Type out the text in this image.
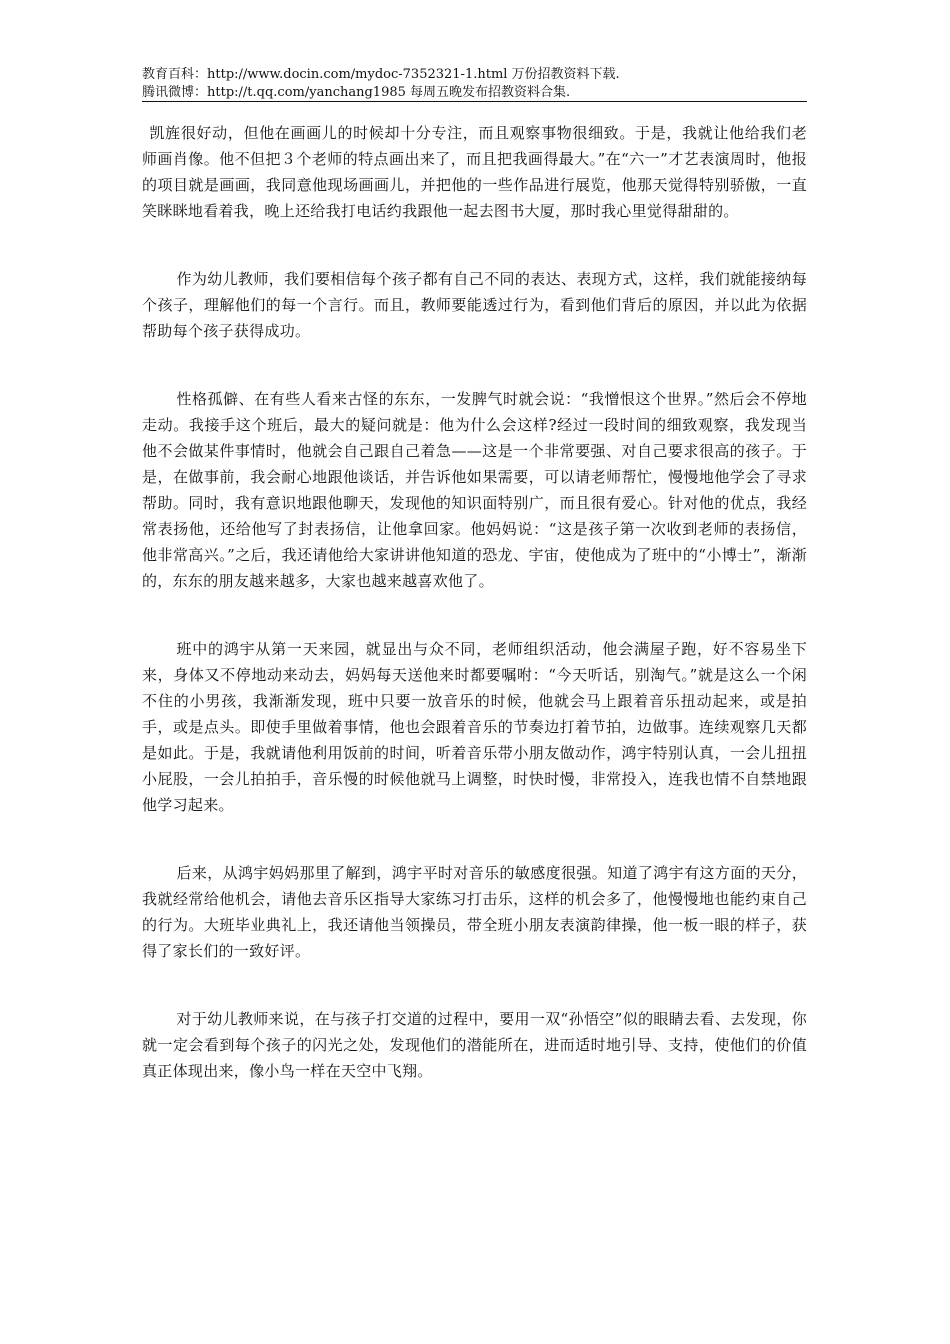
教育百科：http://www.docin.com/mydoc-7352321-1.html 万份招教资料下载.
腾讯微博：http://t.qq.com/yanchang1985 每周五晚发布招教资料合集.

凯旌很好动，但他在画画儿的时候却十分专注，而且观察事物很细致。于是，我就让他给我们老师画肖像。他不但把３个老师的特点画出来了，而且把我画得最大。”在“六一”才艺表演周时，他报的项目就是画画，我同意他现场画画儿，并把他的一些作品进行展览，他那天觉得特别骄傲，一直笑眯眯地看着我，晚上还给我打电话约我跟他一起去图书大厦，那时我心里觉得甜甜的。

作为幼儿教师，我们要相信每个孩子都有自己不同的表达、表现方式，这样，我们就能接纳每个孩子，理解他们的每一个言行。而且，教师要能透过行为，看到他们背后的原因，并以此为依据帮助每个孩子获得成功。

性格孤僻、在有些人看来古怪的东东，一发脾气时就会说：“我憎恨这个世界。”然后会不停地走动。我接手这个班后，最大的疑问就是：他为什么会这样?经过一段时间的细致观察，我发现当他不会做某件事情时，他就会自己跟自己着急——这是一个非常要强、对自己要求很高的孩子。于是，在做事前，我会耐心地跟他谈话，并告诉他如果需要，可以请老师帮忙，慢慢地他学会了寻求帮助。同时，我有意识地跟他聊天，发现他的知识面特别广，而且很有爱心。针对他的优点，我经常表扬他，还给他写了封表扬信，让他拿回家。他妈妈说：“这是孩子第一次收到老师的表扬信，他非常高兴。”之后，我还请他给大家讲讲他知道的恐龙、宇宙，使他成为了班中的“小博士”，渐渐的，东东的朋友越来越多，大家也越来越喜欢他了。

班中的鸿宇从第一天来园，就显出与众不同，老师组织活动，他会满屋子跑，好不容易坐下来，身体又不停地动来动去，妈妈每天送他来时都要嘱咐：“今天听话，别淘气。”就是这么一个闲不住的小男孩，我渐渐发现，班中只要一放音乐的时候，他就会马上跟着音乐扭动起来，或是拍手，或是点头。即使手里做着事情，他也会跟着音乐的节奏边打着节拍，边做事。连续观察几天都是如此。于是，我就请他利用饭前的时间，听着音乐带小朋友做动作，鸿宇特别认真，一会儿扭扭小屁股，一会儿拍拍手，音乐慢的时候他就马上调整，时快时慢，非常投入，连我也情不自禁地跟他学习起来。

后来，从鸿宇妈妈那里了解到，鸿宇平时对音乐的敏感度很强。知道了鸿宇有这方面的天分，我就经常给他机会，请他去音乐区指导大家练习打击乐，这样的机会多了，他慢慢地也能约束自己的行为。大班毕业典礼上，我还请他当领操员，带全班小朋友表演韵律操，他一板一眼的样子，获得了家长们的一致好评。

对于幼儿教师来说，在与孩子打交道的过程中，要用一双“孙悟空”似的眼睛去看、去发现，你就一定会看到每个孩子的闪光之处，发现他们的潜能所在，进而适时地引导、支持，使他们的价值真正体现出来，像小鸟一样在天空中飞翔。
